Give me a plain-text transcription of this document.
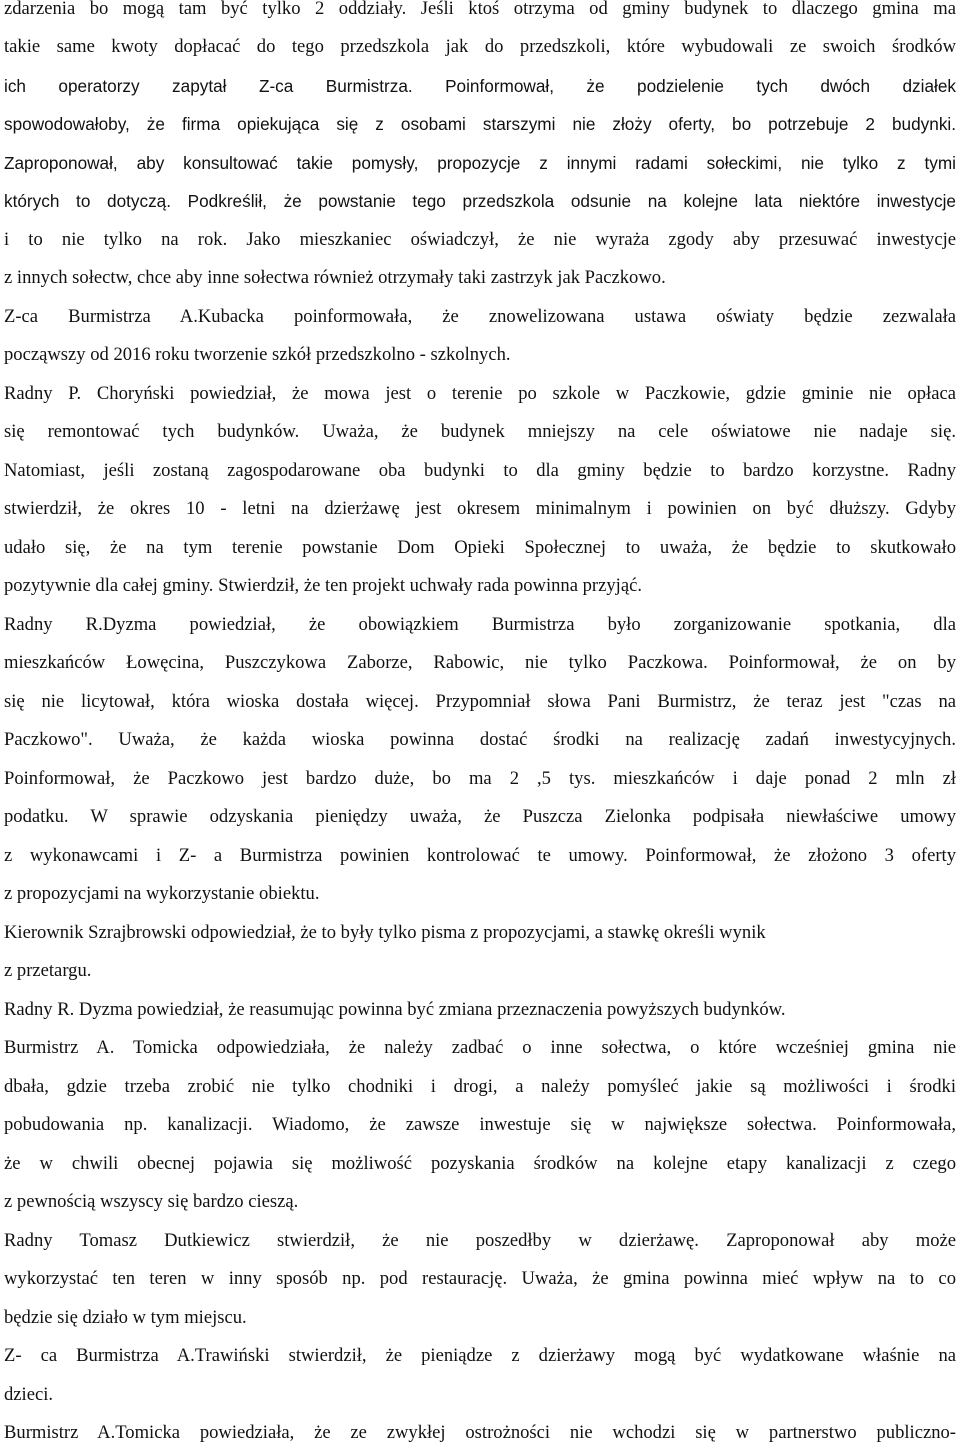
zdarzenia bo mogą tam być tylko 2 oddziały. Jeśli ktoś otrzyma od gminy budynek to dlaczego gmina ma
takie same kwoty dopłacać do tego przedszkola jak do przedszkoli, które wybudowali ze swoich środków
ich operatorzy zapytał Z-ca Burmistrza. Poinformował, że podzielenie tych dwóch działek
spowodowałoby, że firma opiekująca się z osobami starszymi nie złoży oferty, bo potrzebuje 2 budynki.
Zaproponował, aby konsultować takie pomysły, propozycje z innymi radami sołeckimi, nie tylko z tymi
których to dotyczą. Podkreślił, że powstanie tego przedszkola odsunie na kolejne lata niektóre inwestycje
i to nie tylko na rok. Jako mieszkaniec oświadczył, że nie wyraża zgody aby przesuwać inwestycje
z innych sołectw, chce aby inne sołectwa również otrzymały taki zastrzyk jak Paczkowo.
Z-ca Burmistrza A.Kubacka poinformowała, że znowelizowana ustawa oświaty będzie zezwalała
począwszy od 2016 roku tworzenie szkół przedszkolno - szkolnych.
Radny P. Choryński powiedział, że mowa jest o terenie po szkole w Paczkowie, gdzie gminie nie opłaca
się remontować tych budynków. Uważa, że budynek mniejszy na cele oświatowe nie nadaje się.
Natomiast, jeśli zostaną zagospodarowane oba budynki to dla gminy będzie to bardzo korzystne. Radny
stwierdził, że okres 10 - letni na dzierżawę jest okresem minimalnym i powinien on być dłuższy. Gdyby
udało się, że na tym terenie powstanie Dom Opieki Społecznej to uważa, że będzie to skutkowało
pozytywnie dla całej gminy. Stwierdził, że ten projekt uchwały rada powinna przyjąć.
Radny R.Dyzma powiedział, że obowiązkiem Burmistrza było zorganizowanie spotkania, dla
mieszkańców Łowęcina, Puszczykowa Zaborze, Rabowic, nie tylko Paczkowa. Poinformował, że on by
się nie licytował, która wioska dostała więcej. Przypomniał słowa Pani Burmistrz, że teraz jest "czas na
Paczkowo". Uważa, że każda wioska powinna dostać środki na realizację zadań inwestycyjnych.
Poinformował, że Paczkowo jest bardzo duże, bo ma 2 ,5 tys. mieszkańców i daje ponad 2 mln zł
podatku. W sprawie odzyskania pieniędzy uważa, że Puszcza Zielonka podpisała niewłaściwe umowy
z wykonawcami i Z- a Burmistrza powinien kontrolować te umowy. Poinformował, że złożono 3 oferty
z propozycjami na wykorzystanie obiektu.
Kierownik Szrajbrowski odpowiedział, że to były tylko pisma z propozycjami, a stawkę określi wynik
z przetargu.
Radny R. Dyzma powiedział, że reasumując powinna być zmiana przeznaczenia powyższych budynków.
Burmistrz A. Tomicka odpowiedziała, że należy zadbać o inne sołectwa, o które wcześniej gmina nie
dbała, gdzie trzeba zrobić nie tylko chodniki i drogi, a należy pomyśleć jakie są możliwości i środki
pobudowania np. kanalizacji. Wiadomo, że zawsze inwestuje się w największe sołectwa. Poinformowała,
że w chwili obecnej pojawia się możliwość pozyskania środków na kolejne etapy kanalizacji z czego
z pewnością wszyscy się bardzo cieszą.
Radny Tomasz Dutkiewicz stwierdził, że nie poszedłby w dzierżawę. Zaproponował aby może
wykorzystać ten teren w inny sposób np. pod restaurację. Uważa, że gmina powinna mieć wpływ na to co
będzie się działo w tym miejscu.
Z- ca Burmistrza A.Trawiński stwierdził, że pieniądze z dzierżawy mogą być wydatkowane właśnie na
dzieci.
Burmistrz A.Tomicka powiedziała, że ze zwykłej ostrożności nie wchodzi się w partnerstwo publiczno-
